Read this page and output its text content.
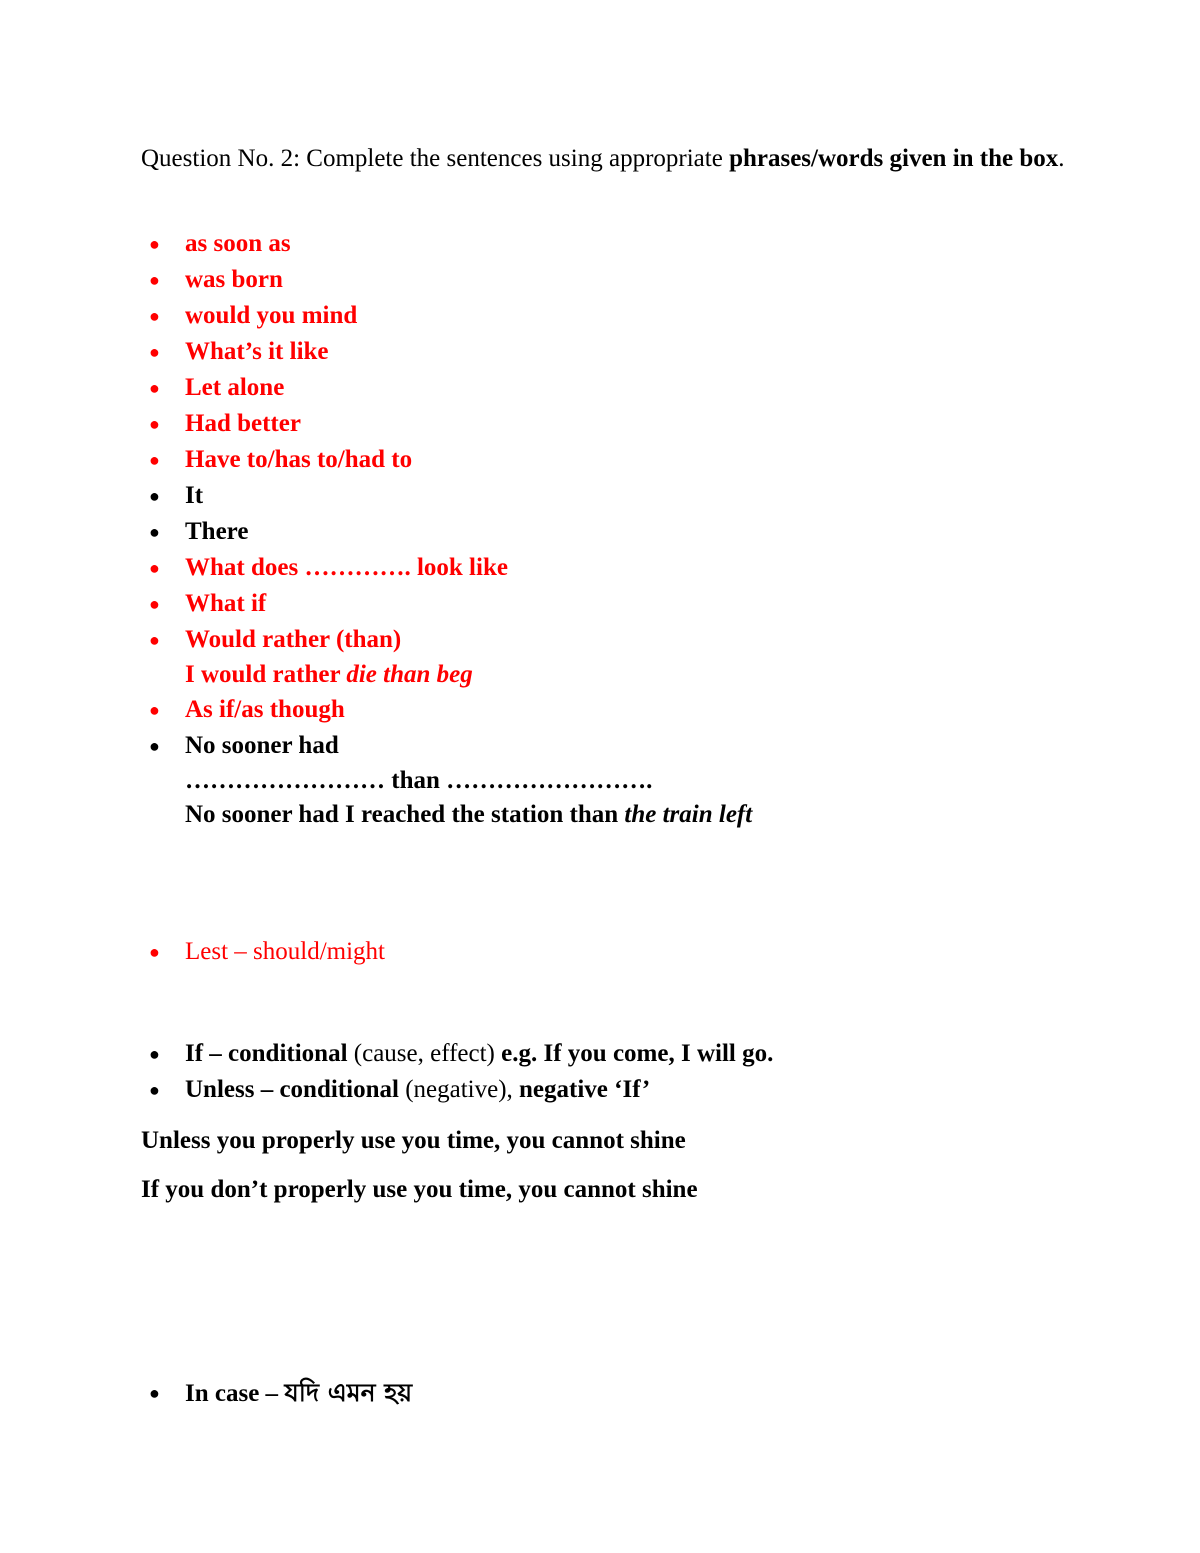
Question No. 2: Complete the sentences using appropriate phrases/words given in the box.
● as soon as
● was born
● would you mind
● What’s it like
● Let alone
● Had better
● Have to/has to/had to
● It
● There
● What does …………. look like
● What if
● Would rather (than)
I would rather die than beg
● As if/as though
● No sooner had
…………………… than …………………….
No sooner had I reached the station than the train left
● Lest – should/might
● If – conditional (cause, effect) e.g. If you come, I will go.
● Unless – conditional (negative), negative ‘If’
Unless you properly use you time, you cannot shine
If you don’t properly use you time, you cannot shine
● In case – যদি এমন হয়
